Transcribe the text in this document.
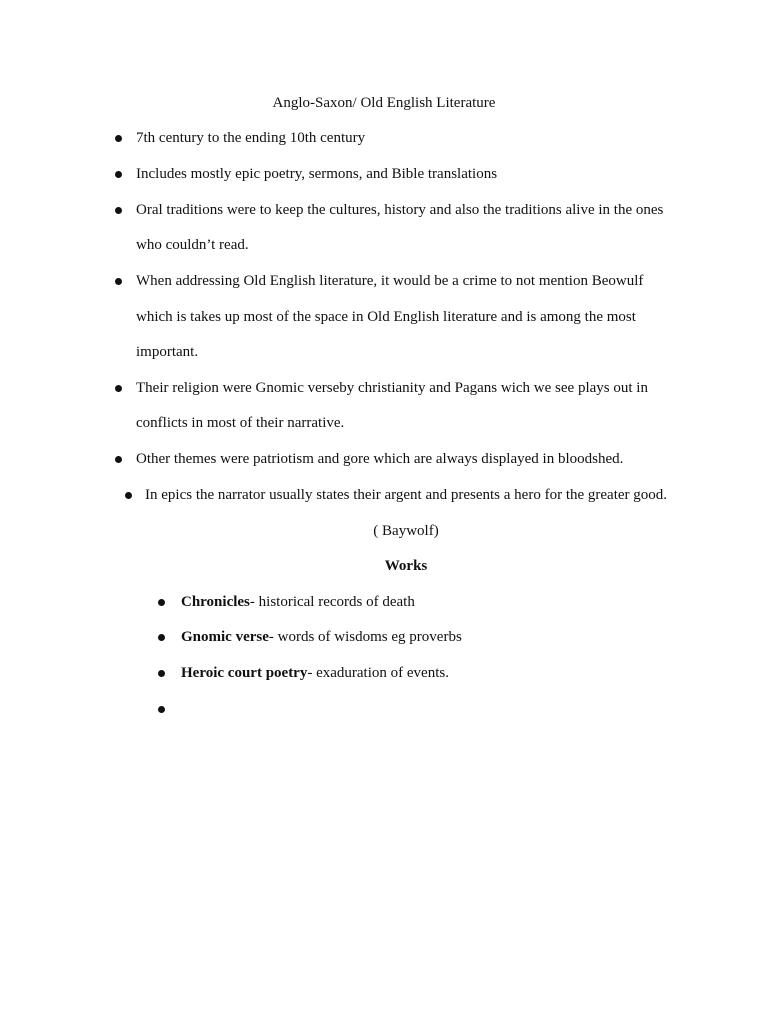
Anglo-Saxon/ Old English Literature
7th century to the ending 10th century
Includes mostly epic poetry, sermons, and Bible translations
Oral traditions were to keep the cultures, history and also the traditions alive in the ones
who couldn’t read.
When addressing Old English literature, it would be a crime to not mention Beowulf
which is takes up most of the space in Old English literature and is among the most
important.
Their religion were Gnomic verseby christianity and Pagans wich we see plays out in
conflicts in most of their narrative.
Other themes were patriotism and gore which are always displayed in bloodshed.
In epics the narrator usually states their argent and presents a hero for the greater good.
( Baywolf)
Works
Chronicles- historical records of death
Gnomic verse- words of wisdoms eg proverbs
Heroic court poetry- exaduration of events.
